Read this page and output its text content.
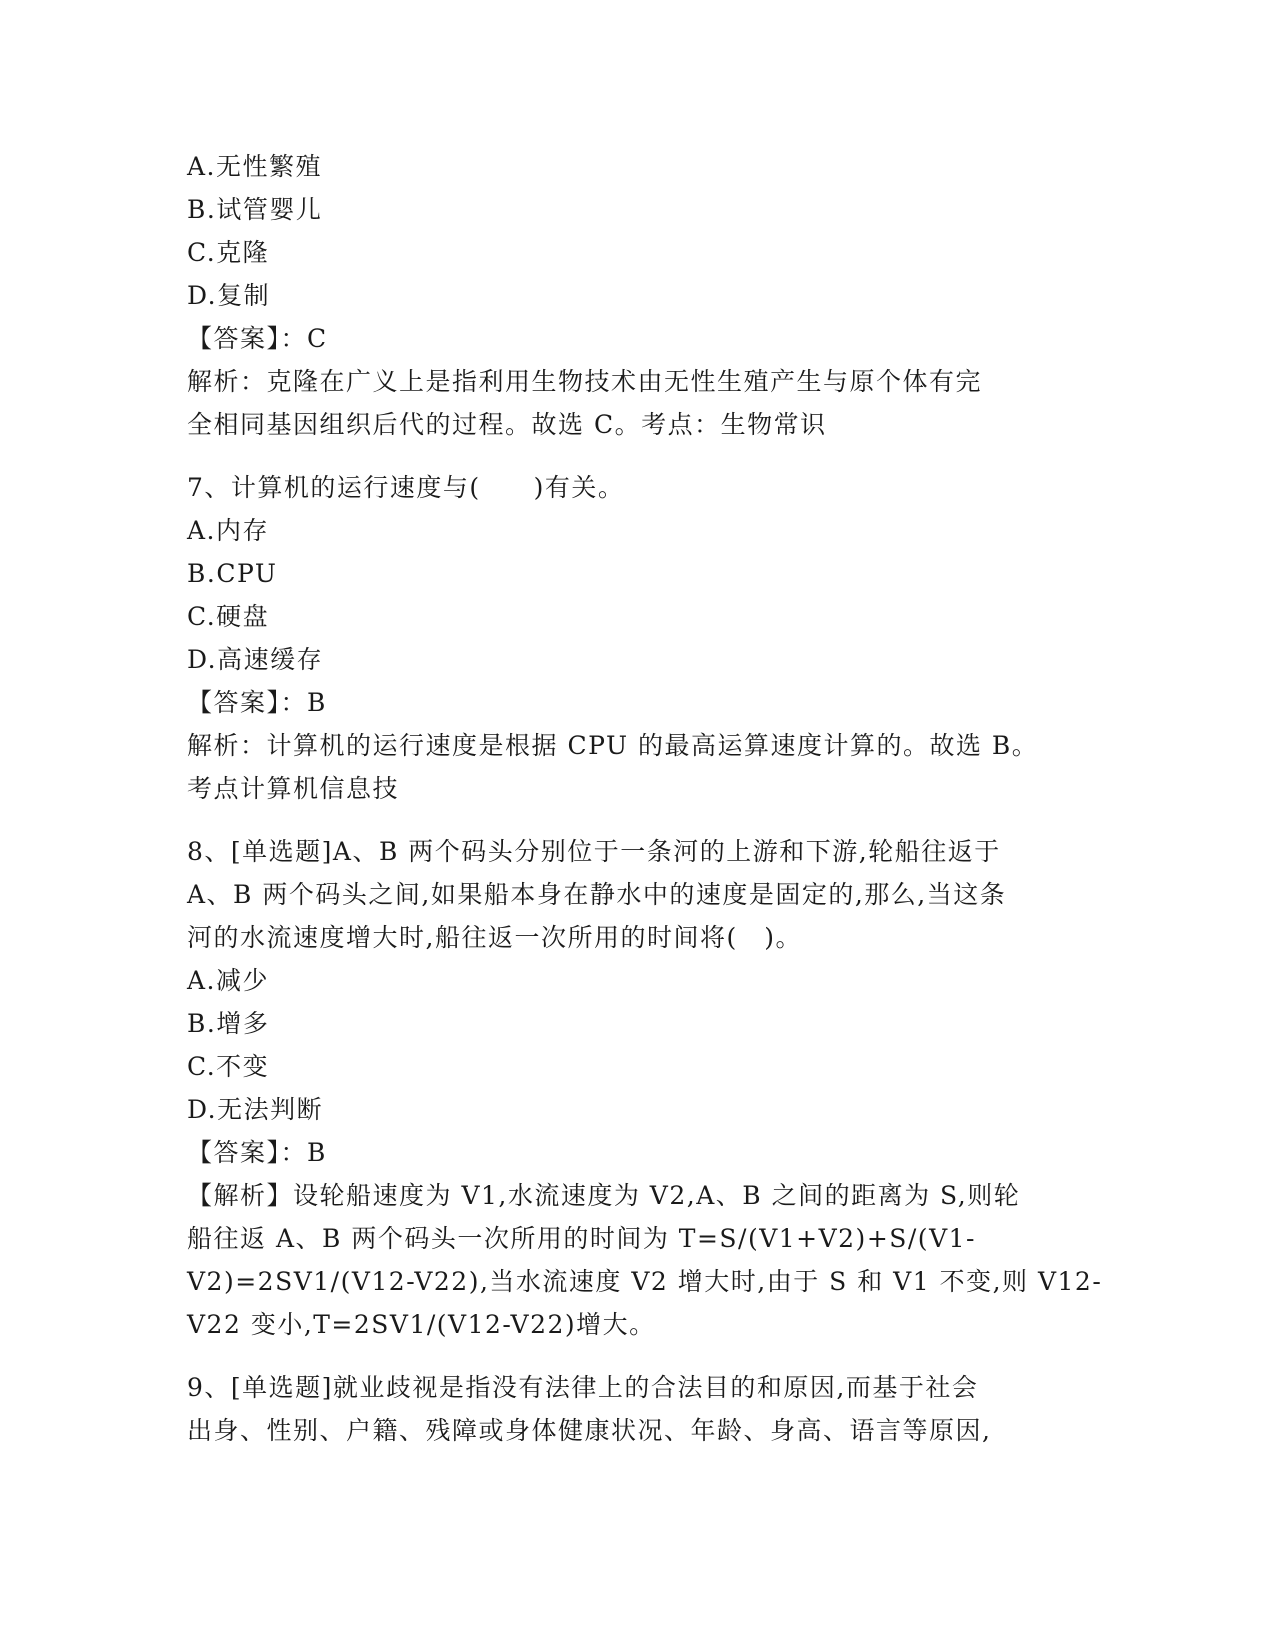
A.无性繁殖

B.试管婴儿

C.克隆

D.复制

【答案】：C

解析：克隆在广义上是指利用生物技术由无性生殖产生与原个体有完

全相同基因组织后代的过程。故选 C。考点：生物常识

7、计算机的运行速度与(　　)有关。

A.内存

B.CPU

C.硬盘

D.高速缓存

【答案】：B

解析：计算机的运行速度是根据 CPU 的最高运算速度计算的。故选 B。

考点计算机信息技

8、[单选题]A、B 两个码头分别位于一条河的上游和下游,轮船往返于

A、B 两个码头之间,如果船本身在静水中的速度是固定的,那么,当这条

河的水流速度增大时,船往返一次所用的时间将(　)。

A.减少

B.增多

C.不变

D.无法判断

【答案】：B

【解析】设轮船速度为 V1,水流速度为 V2,A、B 之间的距离为 S,则轮

船往返 A、B 两个码头一次所用的时间为 T=S/(V1+V2)+S/(V1-

V2)=2SV1/(V12-V22),当水流速度 V2 增大时,由于 S 和 V1 不变,则 V12-

V22 变小,T=2SV1/(V12-V22)增大。

9、[单选题]就业歧视是指没有法律上的合法目的和原因,而基于社会

出身、性别、户籍、残障或身体健康状况、年龄、身高、语言等原因,
